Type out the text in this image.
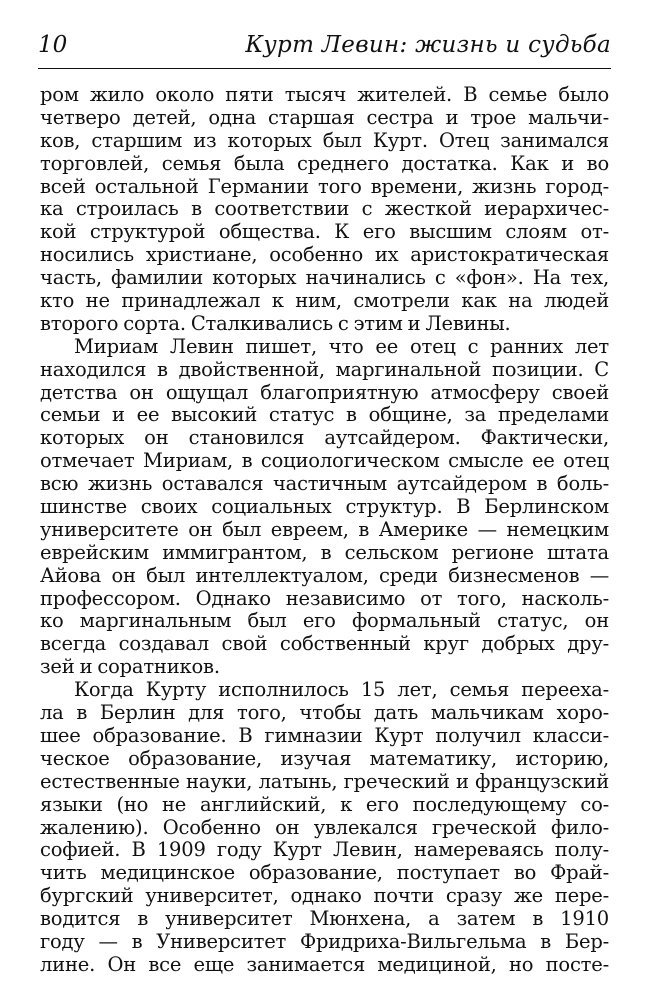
10	Курт Левин: жизнь и судьба
ром жило около пяти тысяч жителей. В семье было
четверо детей, одна старшая сестра и трое мальчи-
ков, старшим из которых был Курт. Отец занимался
торговлей, семья была среднего достатка. Как и во
всей остальной Германии того времени, жизнь город-
ка строилась в соответствии с жесткой иерархичес-
кой структурой общества. К его высшим слоям от-
носились христиане, особенно их аристократическая
часть, фамилии которых начинались с «фон». На тех,
кто не принадлежал к ним, смотрели как на людей
второго сорта. Сталкивались с этим и Левины.
Мириам Левин пишет, что ее отец с ранних лет
находился в двойственной, маргинальной позиции. С
детства он ощущал благоприятную атмосферу своей
семьи и ее высокий статус в общине, за пределами
которых он становился аутсайдером. Фактически,
отмечает Мириам, в социологическом смысле ее отец
всю жизнь оставался частичным аутсайдером в боль-
шинстве своих социальных структур. В Берлинском
университете он был евреем, в Америке — немецким
еврейским иммигрантом, в сельском регионе штата
Айова он был интеллектуалом, среди бизнесменов —
профессором. Однако независимо от того, насколь-
ко маргинальным был его формальный статус, он
всегда создавал свой собственный круг добрых дру-
зей и соратников.
Когда Курту исполнилось 15 лет, семья перееха-
ла в Берлин для того, чтобы дать мальчикам хоро-
шее образование. В гимназии Курт получил класси-
ческое образование, изучая математику, историю,
естественные науки, латынь, греческий и французский
языки (но не английский, к его последующему со-
жалению). Особенно он увлекался греческой фило-
софией. В 1909 году Курт Левин, намереваясь полу-
чить медицинское образование, поступает во Фрай-
бургский университет, однако почти сразу же пере-
водится в университет Мюнхена, а затем в 1910
году — в Университет Фридриха-Вильгельма в Бер-
лине. Он все еще занимается медициной, но посте-
